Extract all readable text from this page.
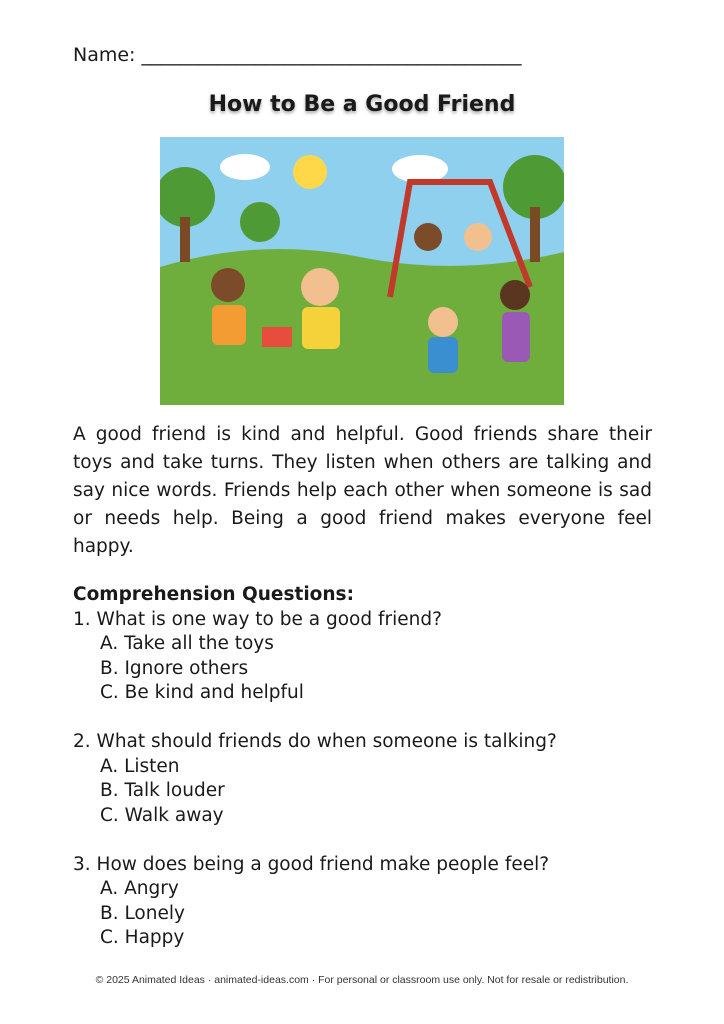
Name: ________________________________________
How to Be a Good Friend
A good friend is kind and helpful. Good friends share their toys and take turns. They listen when others are talking and say nice words. Friends help each other when someone is sad or needs help. Being a good friend makes everyone feel happy.
Comprehension Questions:
1. What is one way to be a good friend?
A. Take all the toys
B. Ignore others
C. Be kind and helpful
2. What should friends do when someone is talking?
A. Listen
B. Talk louder
C. Walk away
3. How does being a good friend make people feel?
A. Angry
B. Lonely
C. Happy
© 2025 Animated Ideas · animated-ideas.com · For personal or classroom use only. Not for resale or redistribution.
